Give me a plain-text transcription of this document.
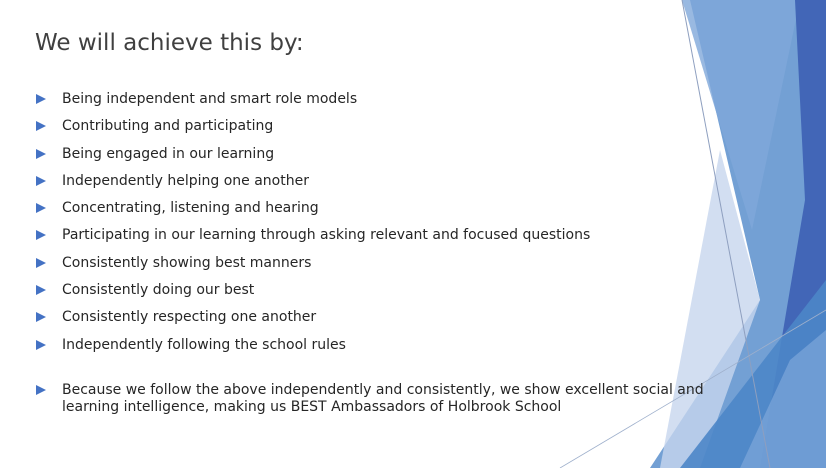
We will achieve this by:
Being independent and smart role models
Contributing and participating
Being engaged in our learning
Independently helping one another
Concentrating, listening and hearing
Participating in our learning through asking relevant and focused questions
Consistently showing best manners
Consistently doing our best
Consistently respecting one another
Independently following the school rules
Because we follow the above independently and consistently, we show excellent social and learning intelligence, making us BEST Ambassadors of Holbrook School
